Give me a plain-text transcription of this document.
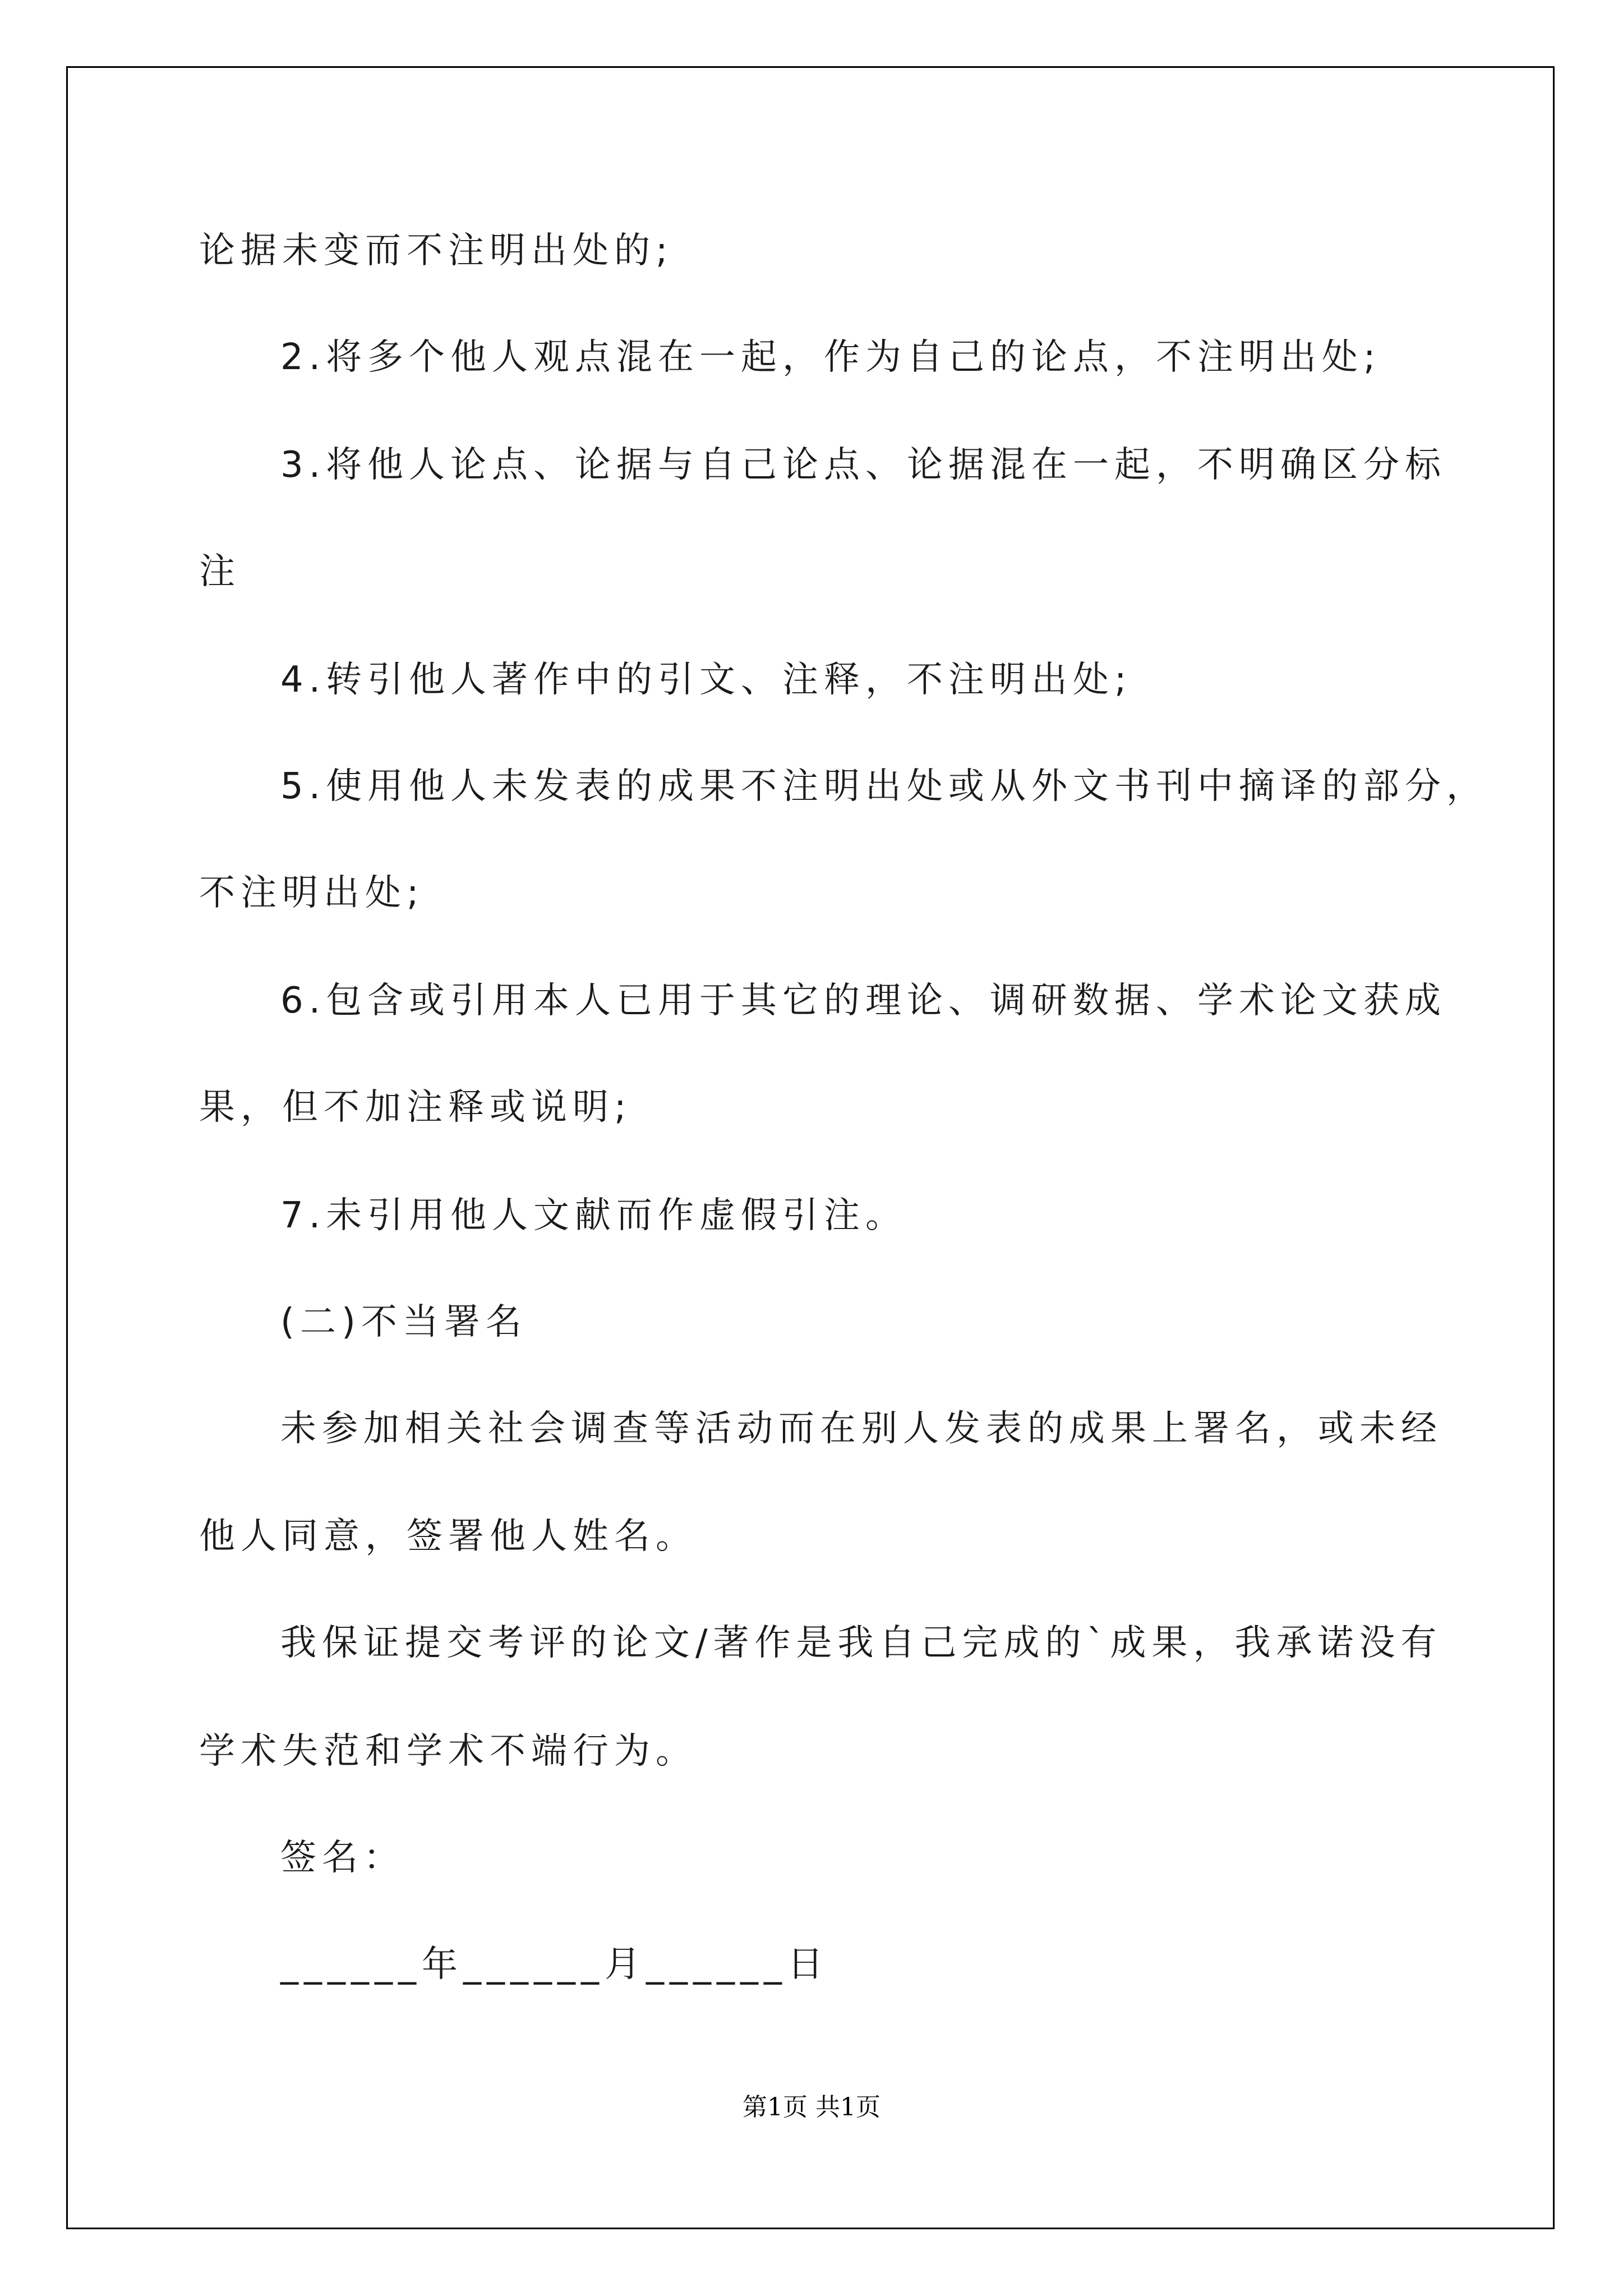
论据未变而不注明出处的;
2.将多个他人观点混在一起，作为自己的论点，不注明出处;
3.将他人论点、论据与自己论点、论据混在一起，不明确区分标
注
4.转引他人著作中的引文、注释，不注明出处;
5.使用他人未发表的成果不注明出处或从外文书刊中摘译的部分，
不注明出处;
6.包含或引用本人已用于其它的理论、调研数据、学术论文获成
果，但不加注释或说明;
7.未引用他人文献而作虚假引注。
(二)不当署名
未参加相关社会调查等活动而在别人发表的成果上署名，或未经
他人同意，签署他人姓名。
我保证提交考评的论文/著作是我自己完成的`成果，我承诺没有
学术失范和学术不端行为。
签名：
______年______月______日
第1页 共1页
